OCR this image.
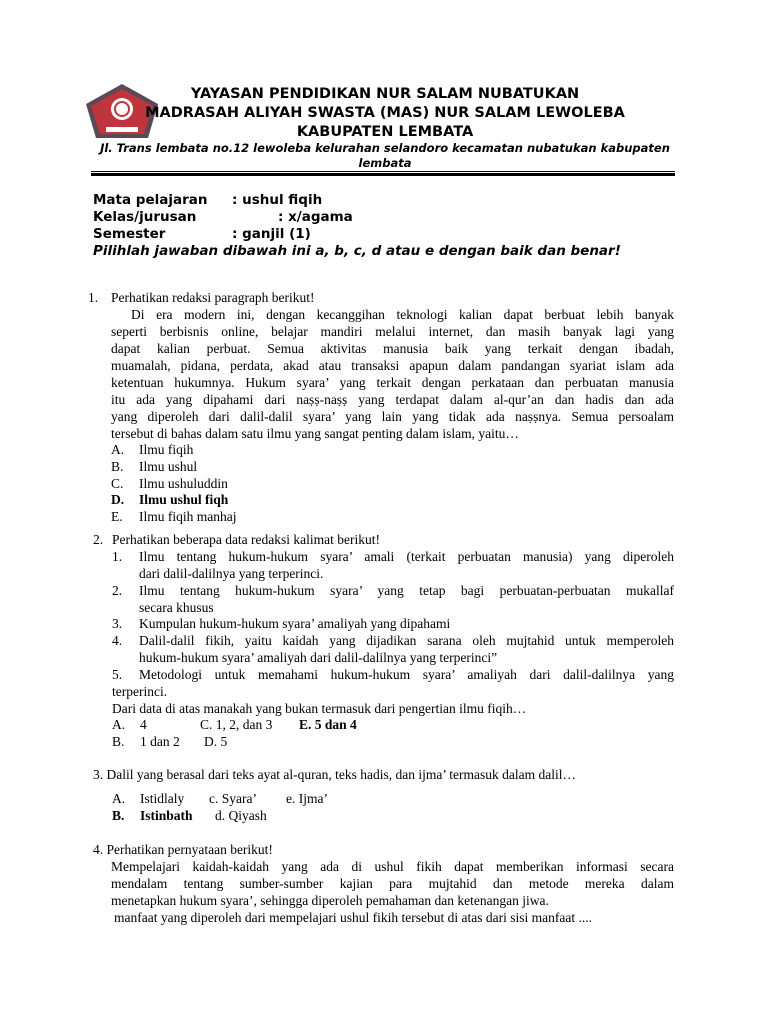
YAYASAN PENDIDIKAN NUR SALAM NUBATUKAN
MADRASAH ALIYAH SWASTA (MAS) NUR SALAM LEWOLEBA
KABUPATEN LEMBATA
Jl. Trans lembata no.12 lewoleba kelurahan selandoro kecamatan nubatukan kabupaten lembata
Mata pelajaran : ushul fiqih
Kelas/jurusan	: x/agama
Semester	: ganjil (1)
Pilihlah jawaban dibawah ini a, b, c, d atau e dengan baik dan benar!
1. Perhatikan redaksi paragraph berikut!
Di era modern ini, dengan kecanggihan teknologi kalian dapat berbuat lebih banyak
seperti berbisnis online, belajar mandiri melalui internet, dan masih banyak lagi yang
dapat kalian perbuat. Semua aktivitas manusia baik yang terkait dengan ibadah,
muamalah, pidana, perdata, akad atau transaksi apapun dalam pandangan syariat islam ada
ketentuan hukumnya. Hukum syara’ yang terkait dengan perkataan dan perbuatan manusia
itu ada yang dipahami dari naṣṣ-naṣṣ yang terdapat dalam al-qur’an dan hadis dan ada
yang diperoleh dari dalil-dalil syara’ yang lain yang tidak ada naṣṣnya. Semua persoalam
tersebut di bahas dalam satu ilmu yang sangat penting dalam islam, yaitu…
A. Ilmu fiqih
B. Ilmu ushul
C. Ilmu ushuluddin
D. Ilmu ushul fiqh
E. Ilmu fiqih manhaj
2. Perhatikan beberapa data redaksi kalimat berikut!
1. Ilmu tentang hukum-hukum syara’ amali (terkait perbuatan manusia) yang diperoleh
dari dalil-dalilnya yang terperinci.
2. Ilmu tentang hukum-hukum syara’ yang tetap bagi perbuatan-perbuatan mukallaf
secara khusus
3. Kumpulan hukum-hukum syara’ amaliyah yang dipahami
4. Dalil-dalil fikih, yaitu kaidah yang dijadikan sarana oleh mujtahid untuk memperoleh
hukum-hukum syara’ amaliyah dari dalil-dalilnya yang terperinci”
5. Metodologi untuk memahami hukum-hukum syara’ amaliyah dari dalil-dalilnya yang
terperinci.
Dari data di atas manakah yang bukan termasuk dari pengertian ilmu fiqih…
A. 4	C. 1, 2, dan 3 E. 5 dan 4
B. 1 dan 2 D. 5
3. Dalil yang berasal dari teks ayat al-quran, teks hadis, dan ijma’ termasuk dalam dalil…
A. Istidlaly c. Syara’ e. Ijma’
B. Istinbath d. Qiyash
4. Perhatikan pernyataan berikut!
Mempelajari kaidah-kaidah yang ada di ushul fikih dapat memberikan informasi secara
mendalam tentang sumber-sumber kajian para mujtahid dan metode mereka dalam
menetapkan hukum syara’, sehingga diperoleh pemahaman dan ketenangan jiwa.
manfaat yang diperoleh dari mempelajari ushul fikih tersebut di atas dari sisi manfaat ....
